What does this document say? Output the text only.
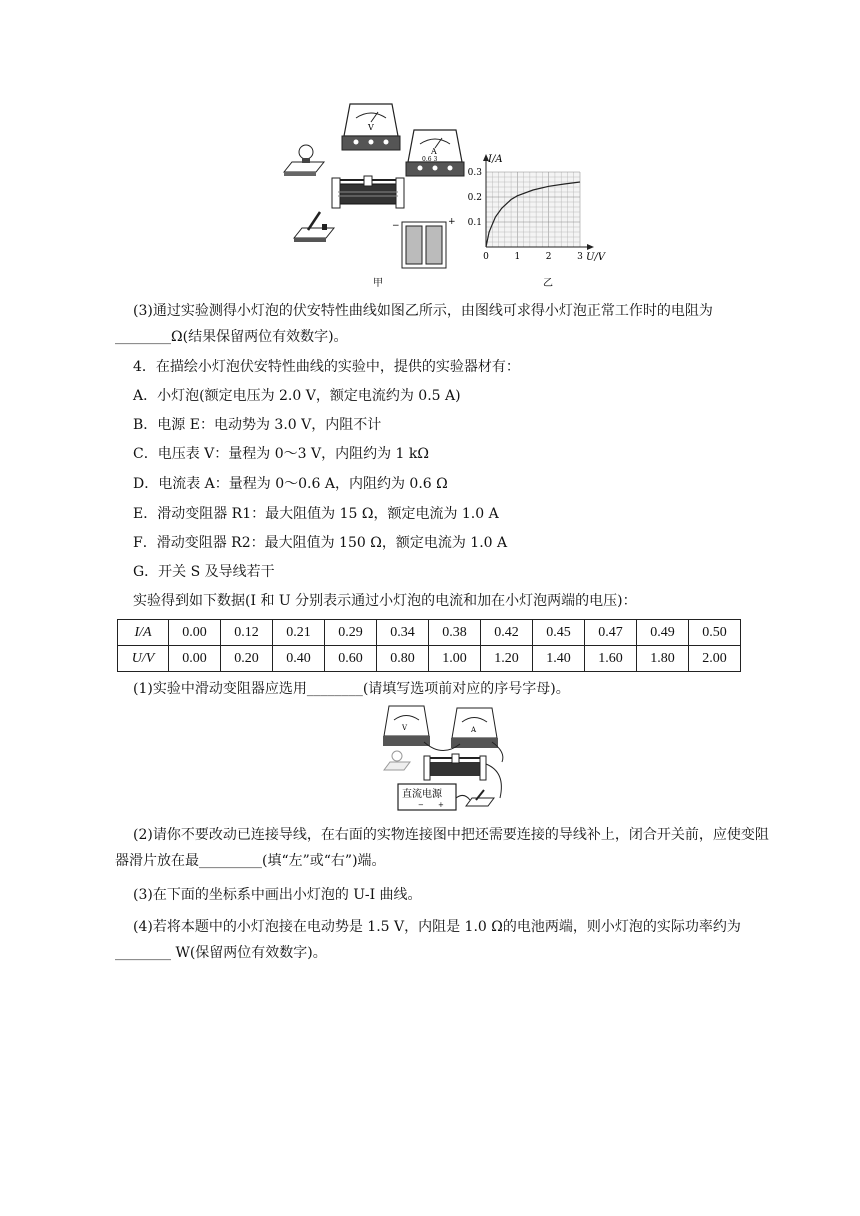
V
A
0.6 3
−	+
甲
0.1
0.2
0.3
0	1	2	3
I/A
U/V
乙
(3)通过实验测得小灯泡的伏安特性曲线如图乙所示，由图线可求得小灯泡正常工作时的电阻为________Ω(结果保留两位有效数字)。
4．在描绘小灯泡伏安特性曲线的实验中，提供的实验器材有：
A．小灯泡(额定电压为 2.0 V，额定电流约为 0.5 A)
B．电源 E：电动势为 3.0 V，内阻不计
C．电压表 V：量程为 0～3 V，内阻约为 1 kΩ
D．电流表 A：量程为 0～0.6 A，内阻约为 0.6 Ω
E．滑动变阻器 R1：最大阻值为 15 Ω，额定电流为 1.0 A
F．滑动变阻器 R2：最大阻值为 150 Ω，额定电流为 1.0 A
G．开关 S 及导线若干
实验得到如下数据(I 和 U 分别表示通过小灯泡的电流和加在小灯泡两端的电压)：
I/A	0.00	0.12	0.21	0.29	0.34	0.38	0.42	0.45	0.47	0.49	0.50
U/V	0.00	0.20	0.40	0.60	0.80	1.00	1.20	1.40	1.60	1.80	2.00
(1)实验中滑动变阻器应选用________(请填写选项前对应的序号字母)。
V	A
直流电源
− +
(2)请你不要改动已连接导线，在右面的实物连接图中把还需要连接的导线补上，闭合开关前，应使变阻器滑片放在最_________(填“左”或“右”)端。
(3)在下面的坐标系中画出小灯泡的 U-I 曲线。
(4)若将本题中的小灯泡接在电动势是 1.5 V，内阻是 1.0 Ω的电池两端，则小灯泡的实际功率约为________ W(保留两位有效数字)。
